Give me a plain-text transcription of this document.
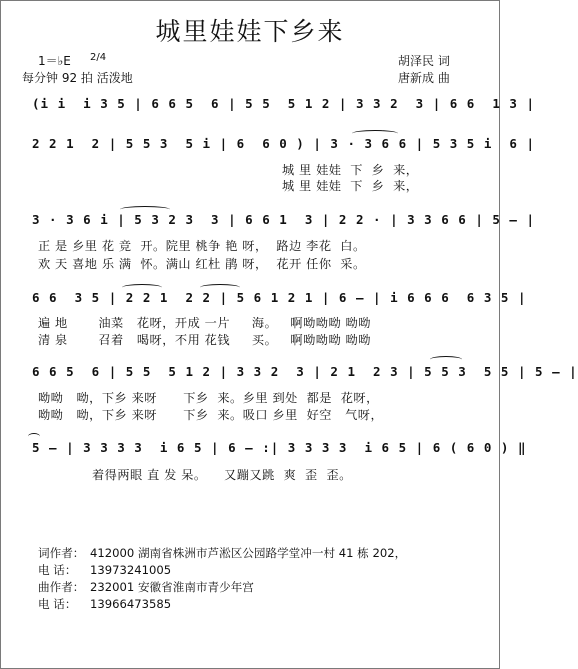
城里娃娃下乡来
1＝♭E 2/4
每分钟 92 拍 活泼地
胡泽民 词
唐新成 曲
(i i  i 3 5 | 6 6 5  6 | 5 5  5 1 2 | 3 3 2  3 | 6 6  1 3 |
2 2 1  2 | 5 5 3  5 i | 6  6 0 ) | 3 · 3 6 6 | 5 3 5 i  6 |
3 · 3 6 i | 5 3 2 3  3 | 6 6 1  3 | 2 2 · | 3 3 6 6 | 5 — |
6 6  3 5 | 2 2 1  2 2 | 5 6 1 2 1 | 6 — | i 6 6 6  6 3 5 |
6 6 5  6 | 5 5  5 1 2 | 3 3 2  3 | 2 1  2 3 | 5 5 3  5 5 | 5 — |
5 — | 3 3 3 3  i 6 5 | 6 — :| 3 3 3 3  i 6 5 | 6 ( 6 0 ) ‖
城 里 娃娃  下  乡  来，
城 里 娃娃  下  乡  来，
正 是 乡里 花 竞  开。院里 桃争 艳 呀，  路边 李花  白。
欢 天 喜地 乐 满  怀。满山 红杜 鹃 呀，  花开 任你  采。
遍 地       油菜   花呀，开成 一片     海。   啊呦呦呦 呦呦
清 泉       召着   喝呀，不用 花钱     买。   啊呦呦呦 呦呦
呦呦   呦，下乡 来呀      下乡  来。乡里 到处  都是  花呀，
呦呦   呦，下乡 来呀      下乡  来。吸口 乡里  好空   气呀，
着得两眼 直 发 呆。    又蹦又跳  爽  歪  歪。
词作者： 412000 湖南省株洲市芦淞区公园路学堂冲一村 41 栋 202，
电 话： 13973241005
曲作者： 232001 安徽省淮南市青少年宫
电 话： 13966473585
